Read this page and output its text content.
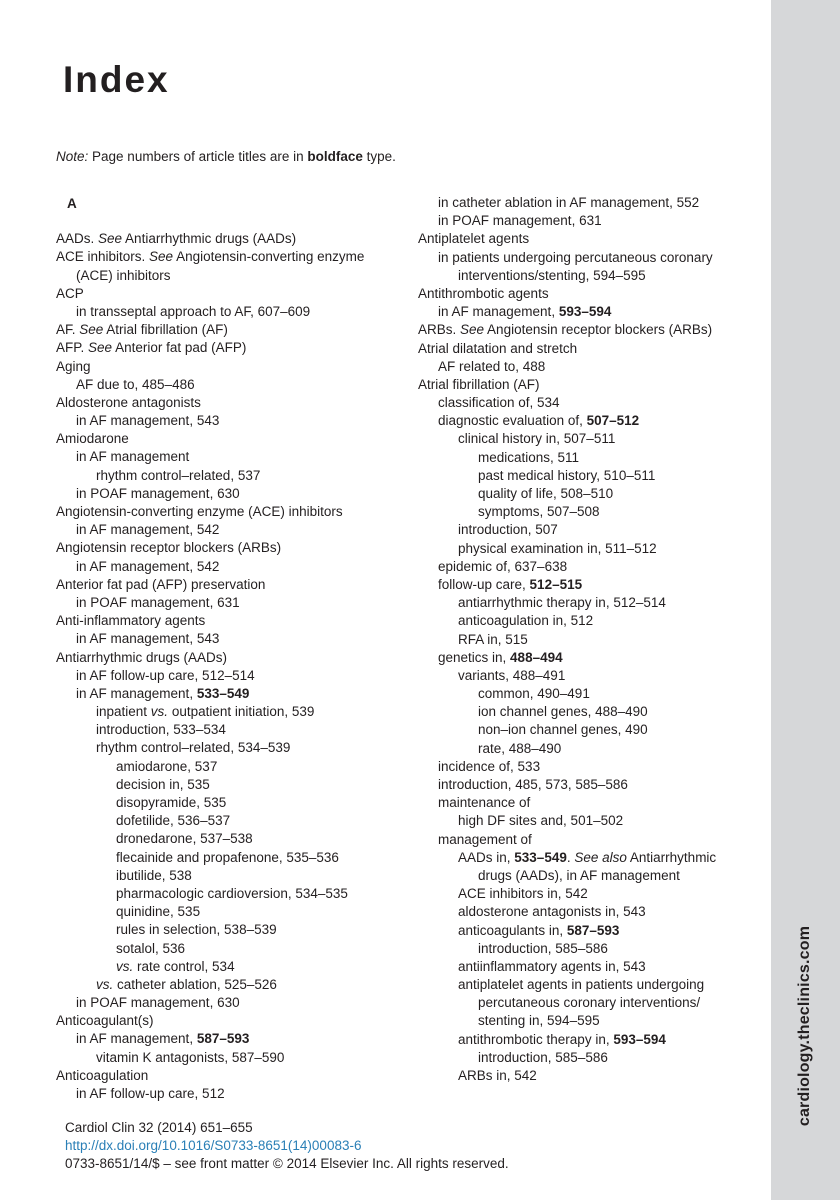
cardiology.theclinics.com
Index
Note: Page numbers of article titles are in boldface type.
A
AADs. See Antiarrhythmic drugs (AADs)
ACE inhibitors. See Angiotensin-converting enzyme
(ACE) inhibitors
ACP
in transseptal approach to AF, 607–609
AF. See Atrial fibrillation (AF)
AFP. See Anterior fat pad (AFP)
Aging
AF due to, 485–486
Aldosterone antagonists
in AF management, 543
Amiodarone
in AF management
rhythm control–related, 537
in POAF management, 630
Angiotensin-converting enzyme (ACE) inhibitors
in AF management, 542
Angiotensin receptor blockers (ARBs)
in AF management, 542
Anterior fat pad (AFP) preservation
in POAF management, 631
Anti-inflammatory agents
in AF management, 543
Antiarrhythmic drugs (AADs)
in AF follow-up care, 512–514
in AF management, 533–549
inpatient vs. outpatient initiation, 539
introduction, 533–534
rhythm control–related, 534–539
amiodarone, 537
decision in, 535
disopyramide, 535
dofetilide, 536–537
dronedarone, 537–538
flecainide and propafenone, 535–536
ibutilide, 538
pharmacologic cardioversion, 534–535
quinidine, 535
rules in selection, 538–539
sotalol, 536
vs. rate control, 534
vs. catheter ablation, 525–526
in POAF management, 630
Anticoagulant(s)
in AF management, 587–593
vitamin K antagonists, 587–590
Anticoagulation
in AF follow-up care, 512
in catheter ablation in AF management, 552
in POAF management, 631
Antiplatelet agents
in patients undergoing percutaneous coronary
interventions/stenting, 594–595
Antithrombotic agents
in AF management, 593–594
ARBs. See Angiotensin receptor blockers (ARBs)
Atrial dilatation and stretch
AF related to, 488
Atrial fibrillation (AF)
classification of, 534
diagnostic evaluation of, 507–512
clinical history in, 507–511
medications, 511
past medical history, 510–511
quality of life, 508–510
symptoms, 507–508
introduction, 507
physical examination in, 511–512
epidemic of, 637–638
follow-up care, 512–515
antiarrhythmic therapy in, 512–514
anticoagulation in, 512
RFA in, 515
genetics in, 488–494
variants, 488–491
common, 490–491
ion channel genes, 488–490
non–ion channel genes, 490
rate, 488–490
incidence of, 533
introduction, 485, 573, 585–586
maintenance of
high DF sites and, 501–502
management of
AADs in, 533–549. See also Antiarrhythmic
drugs (AADs), in AF management
ACE inhibitors in, 542
aldosterone antagonists in, 543
anticoagulants in, 587–593
introduction, 585–586
antiinflammatory agents in, 543
antiplatelet agents in patients undergoing
percutaneous coronary interventions/
stenting in, 594–595
antithrombotic therapy in, 593–594
introduction, 585–586
ARBs in, 542
Cardiol Clin 32 (2014) 651–655
http://dx.doi.org/10.1016/S0733-8651(14)00083-6
0733-8651/14/$ – see front matter © 2014 Elsevier Inc. All rights reserved.
